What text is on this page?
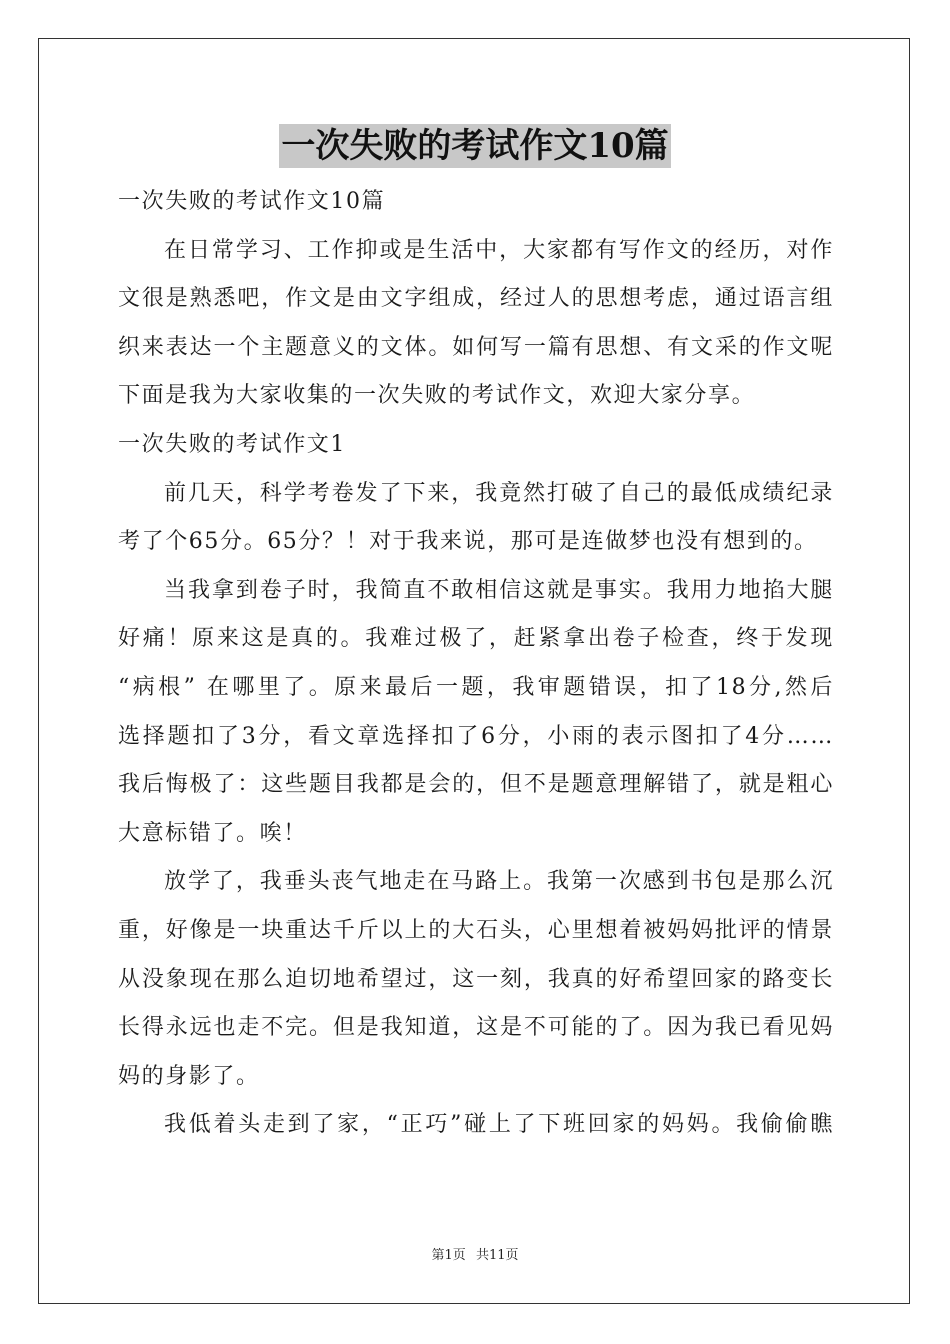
一次失败的考试作文10篇
一次失败的考试作文10篇
在日常学习、工作抑或是生活中，大家都有写作文的经历，对作
文很是熟悉吧，作文是由文字组成，经过人的思想考虑，通过语言组
织来表达一个主题意义的文体。如何写一篇有思想、有文采的作文呢
下面是我为大家收集的一次失败的考试作文，欢迎大家分享。
一次失败的考试作文1
前几天，科学考卷发了下来，我竟然打破了自己的最低成绩纪录
考了个65分。65分？！对于我来说，那可是连做梦也没有想到的。
当我拿到卷子时，我简直不敢相信这就是事实。我用力地掐大腿
好痛！原来这是真的。我难过极了，赶紧拿出卷子检查，终于发现
“病根” 在哪里了。原来最后一题，我审题错误，扣了18分,然后
选择题扣了3分，看文章选择扣了6分，小雨的表示图扣了4分……
我后悔极了：这些题目我都是会的，但不是题意理解错了，就是粗心
大意标错了。唉！
放学了，我垂头丧气地走在马路上。我第一次感到书包是那么沉
重，好像是一块重达千斤以上的大石头，心里想着被妈妈批评的情景
从没象现在那么迫切地希望过，这一刻，我真的好希望回家的路变长
长得永远也走不完。但是我知道，这是不可能的了。因为我已看见妈
妈的身影了。
我低着头走到了家，“正巧”碰上了下班回家的妈妈。我偷偷瞧
第1页 共11页
